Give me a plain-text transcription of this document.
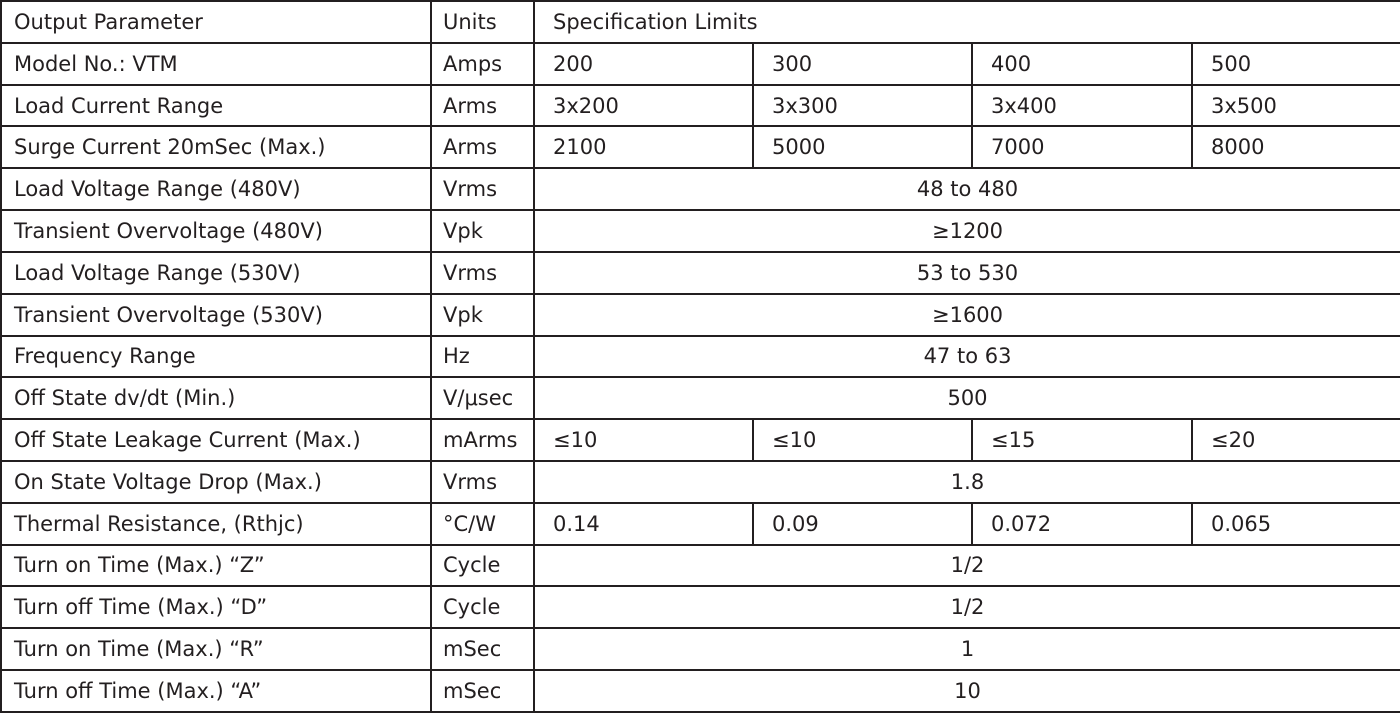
Output Parameter	Units	Specification Limits			
Model No.: VTM	Amps	200	300	400	500
Load Current Range	Arms	3x200	3x300	3x400	3x500
Surge Current 20mSec (Max.)	Arms	2100	5000	7000	8000
Load Voltage Range (480V)	Vrms	48 to 480			
Transient Overvoltage (480V)	Vpk	≥1200			
Load Voltage Range (530V)	Vrms	53 to 530			
Transient Overvoltage (530V)	Vpk	≥1600			
Frequency Range	Hz	47 to 63			
Off State dv/dt (Min.)	V/μsec	500			
Off State Leakage Current (Max.)	mArms	≤10	≤10	≤15	≤20
On State Voltage Drop (Max.)	Vrms	1.8			
Thermal Resistance, (Rthjc)	°C/W	0.14	0.09	0.072	0.065
Turn on Time (Max.) “Z”	Cycle	1/2			
Turn off Time (Max.) “D”	Cycle	1/2			
Turn on Time (Max.) “R”	mSec	1			
Turn off Time (Max.) “A”	mSec	10			
